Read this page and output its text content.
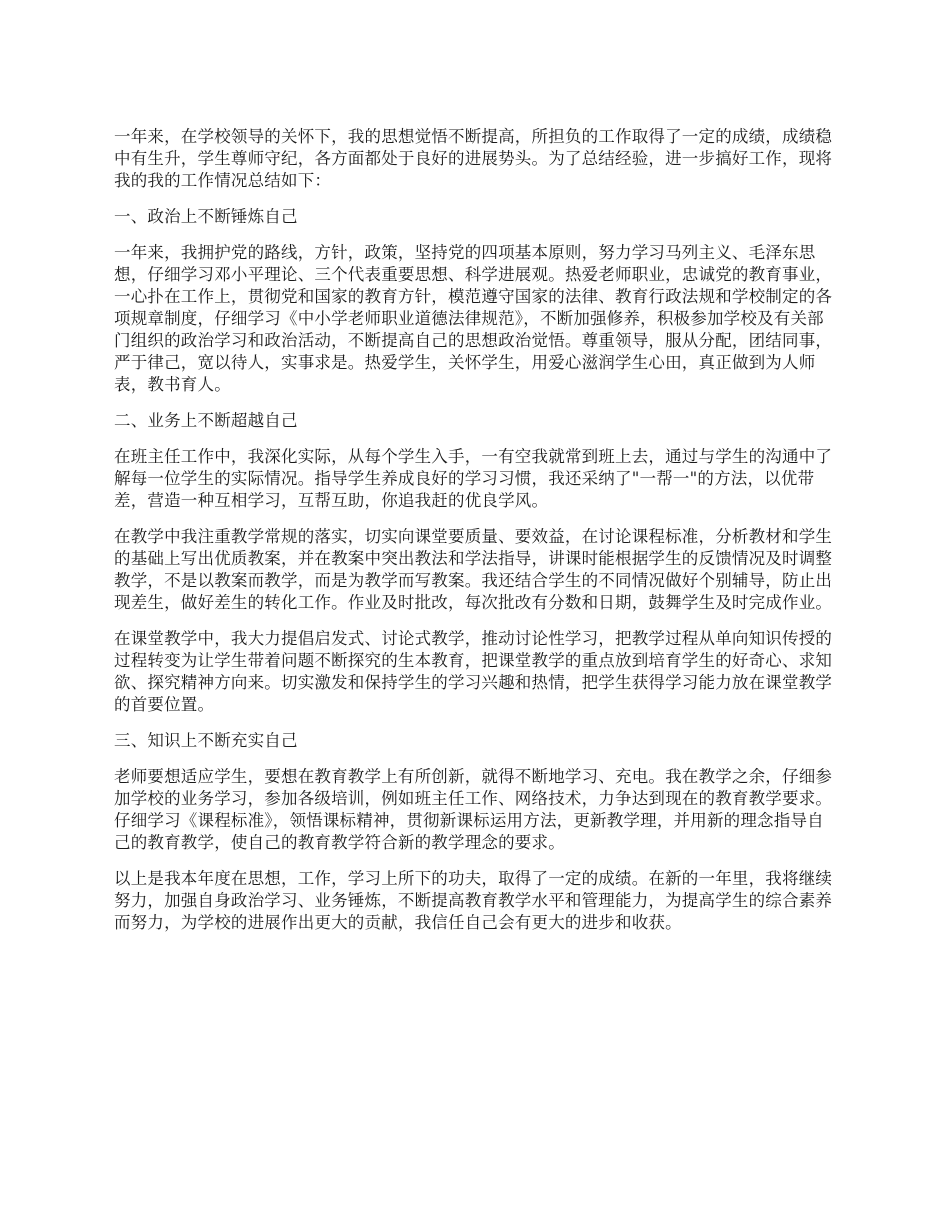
一年来，在学校领导的关怀下，我的思想觉悟不断提高，所担负的工作取得了一定的成绩，成绩稳中有生升，学生尊师守纪，各方面都处于良好的进展势头。为了总结经验，进一步搞好工作，现将我的我的工作情况总结如下：

一、政治上不断锤炼自己

一年来，我拥护党的路线，方针，政策，坚持党的四项基本原则，努力学习马列主义、毛泽东思想，仔细学习邓小平理论、三个代表重要思想、科学进展观。热爱老师职业，忠诚党的教育事业，一心扑在工作上，贯彻党和国家的教育方针，模范遵守国家的法律、教育行政法规和学校制定的各项规章制度，仔细学习《中小学老师职业道德法律规范》，不断加强修养，积极参加学校及有关部门组织的政治学习和政治活动，不断提高自己的思想政治觉悟。尊重领导，服从分配，团结同事，严于律己，宽以待人，实事求是。热爱学生，关怀学生，用爱心滋润学生心田，真正做到为人师表，教书育人。

二、业务上不断超越自己

在班主任工作中，我深化实际，从每个学生入手，一有空我就常到班上去，通过与学生的沟通中了解每一位学生的实际情况。指导学生养成良好的学习习惯，我还采纳了"一帮一"的方法，以优带差，营造一种互相学习，互帮互助，你追我赶的优良学风。

在教学中我注重教学常规的落实，切实向课堂要质量、要效益，在讨论课程标准，分析教材和学生的基础上写出优质教案，并在教案中突出教法和学法指导，讲课时能根据学生的反馈情况及时调整教学，不是以教案而教学，而是为教学而写教案。我还结合学生的不同情况做好个别辅导，防止出现差生，做好差生的转化工作。作业及时批改，每次批改有分数和日期，鼓舞学生及时完成作业。

在课堂教学中，我大力提倡启发式、讨论式教学，推动讨论性学习，把教学过程从单向知识传授的过程转变为让学生带着问题不断探究的生本教育，把课堂教学的重点放到培育学生的好奇心、求知欲、探究精神方向来。切实激发和保持学生的学习兴趣和热情，把学生获得学习能力放在课堂教学的首要位置。

三、知识上不断充实自己

老师要想适应学生，要想在教育教学上有所创新，就得不断地学习、充电。我在教学之余，仔细参加学校的业务学习，参加各级培训，例如班主任工作、网络技术，力争达到现在的教育教学要求。仔细学习《课程标准》，领悟课标精神，贯彻新课标运用方法，更新教学理，并用新的理念指导自己的教育教学，使自己的教育教学符合新的教学理念的要求。

以上是我本年度在思想，工作，学习上所下的功夫，取得了一定的成绩。在新的一年里，我将继续努力，加强自身政治学习、业务锤炼，不断提高教育教学水平和管理能力，为提高学生的综合素养而努力，为学校的进展作出更大的贡献，我信任自己会有更大的进步和收获。
